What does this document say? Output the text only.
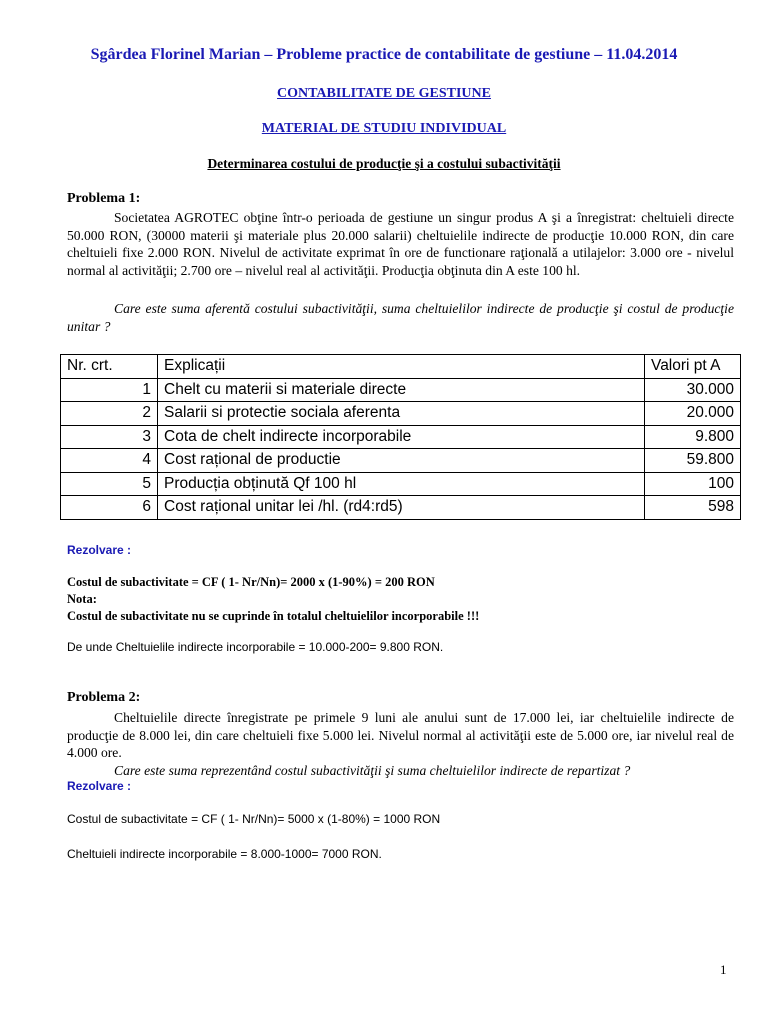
Sgârdea Florinel Marian – Probleme practice de contabilitate de gestiune – 11.04.2014
CONTABILITATE DE GESTIUNE
MATERIAL DE STUDIU INDIVIDUAL
Determinarea costului de producţie şi a costului subactivităţii
Problema 1:
Societatea AGROTEC obţine într-o perioada de gestiune un singur produs A şi a înregistrat: cheltuieli directe 50.000 RON, (30000 materii şi materiale plus 20.000 salarii) cheltuielile indirecte de producţie 10.000 RON, din care cheltuieli fixe 2.000 RON. Nivelul de activitate exprimat în ore de functionare raţională a utilajelor: 3.000 ore - nivelul normal al activităţii; 2.700 ore – nivelul real al activităţii. Producţia obţinuta din A este 100 hl.
Care este suma aferentă costului subactivităţii, suma cheltuielilor indirecte de producţie şi costul de producţie unitar ?
Nr. crt.	Explicații	Valori pt A
1	Chelt cu materii si materiale directe	30.000
2	Salarii si protectie sociala aferenta	20.000
3	Cota de chelt indirecte incorporabile	9.800
4	Cost rațional de productie	59.800
5	Producția obținută Qf 100 hl	100
6	Cost rațional unitar lei /hl. (rd4:rd5)	598
Rezolvare :
Costul de subactivitate = CF ( 1- Nr/Nn)= 2000 x (1-90%) = 200 RON
Nota:
Costul de subactivitate nu se cuprinde în totalul cheltuielilor incorporabile !!!
De unde Cheltuielile indirecte incorporabile = 10.000-200= 9.800 RON.
Problema 2:
Cheltuielile directe înregistrate pe primele 9 luni ale anului sunt de 17.000 lei, iar cheltuielile indirecte de producţie de 8.000 lei, din care cheltuieli fixe 5.000 lei. Nivelul normal al activităţii este de 5.000 ore, iar nivelul real de 4.000 ore.
Care este suma reprezentând costul subactivităţii şi suma cheltuielilor indirecte de repartizat ?
Rezolvare :
Costul de subactivitate = CF ( 1- Nr/Nn)= 5000 x (1-80%) = 1000 RON
Cheltuieli indirecte incorporabile = 8.000-1000= 7000 RON.
1
